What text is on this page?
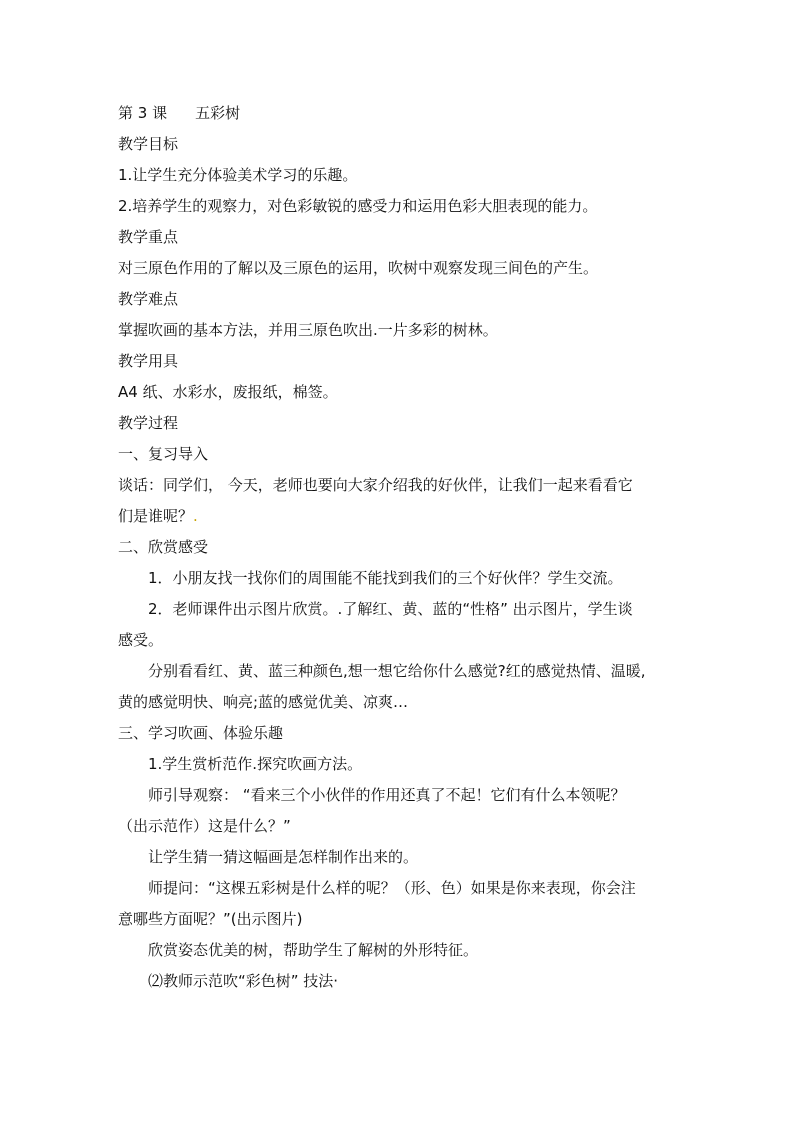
第 3 课 五彩树
教学目标
1.让学生充分体验美术学习的乐趣。
2.培养学生的观察力，对色彩敏锐的感受力和运用色彩大胆表现的能力。
教学重点
对三原色作用的了解以及三原色的运用，吹树中观察发现三间色的产生。
教学难点
掌握吹画的基本方法，并用三原色吹出.一片多彩的树林。
教学用具
A4 纸、水彩水，废报纸，棉签。
教学过程
一、复习导入
谈话：同学们， 今天，老师也要向大家介绍我的好伙伴，让我们一起来看看它
们是谁呢？.
二、欣赏感受
1．小朋友找一找你们的周围能不能找到我们的三个好伙伴？学生交流。
2．老师课件出示图片欣赏。.了解红、黄、蓝的“性格” 出示图片，学生谈
感受。
分别看看红、黄、蓝三种颜色,想一想它给你什么感觉?红的感觉热情、温暖,
黄的感觉明快、响亮;蓝的感觉优美、凉爽…
三、学习吹画、体验乐趣
1.学生赏析范作.探究吹画方法。
师引导观察： “看来三个小伙伴的作用还真了不起！它们有什么本领呢？
（出示范作）这是什么？”
让学生猜一猜这幅画是怎样制作出来的。
师提问：“这棵五彩树是什么样的呢？（形、色）如果是你来表现，你会注
意哪些方面呢？”(出示图片)
欣赏姿态优美的树，帮助学生了解树的外形特征。
⑵教师示范吹“彩色树” 技法·
